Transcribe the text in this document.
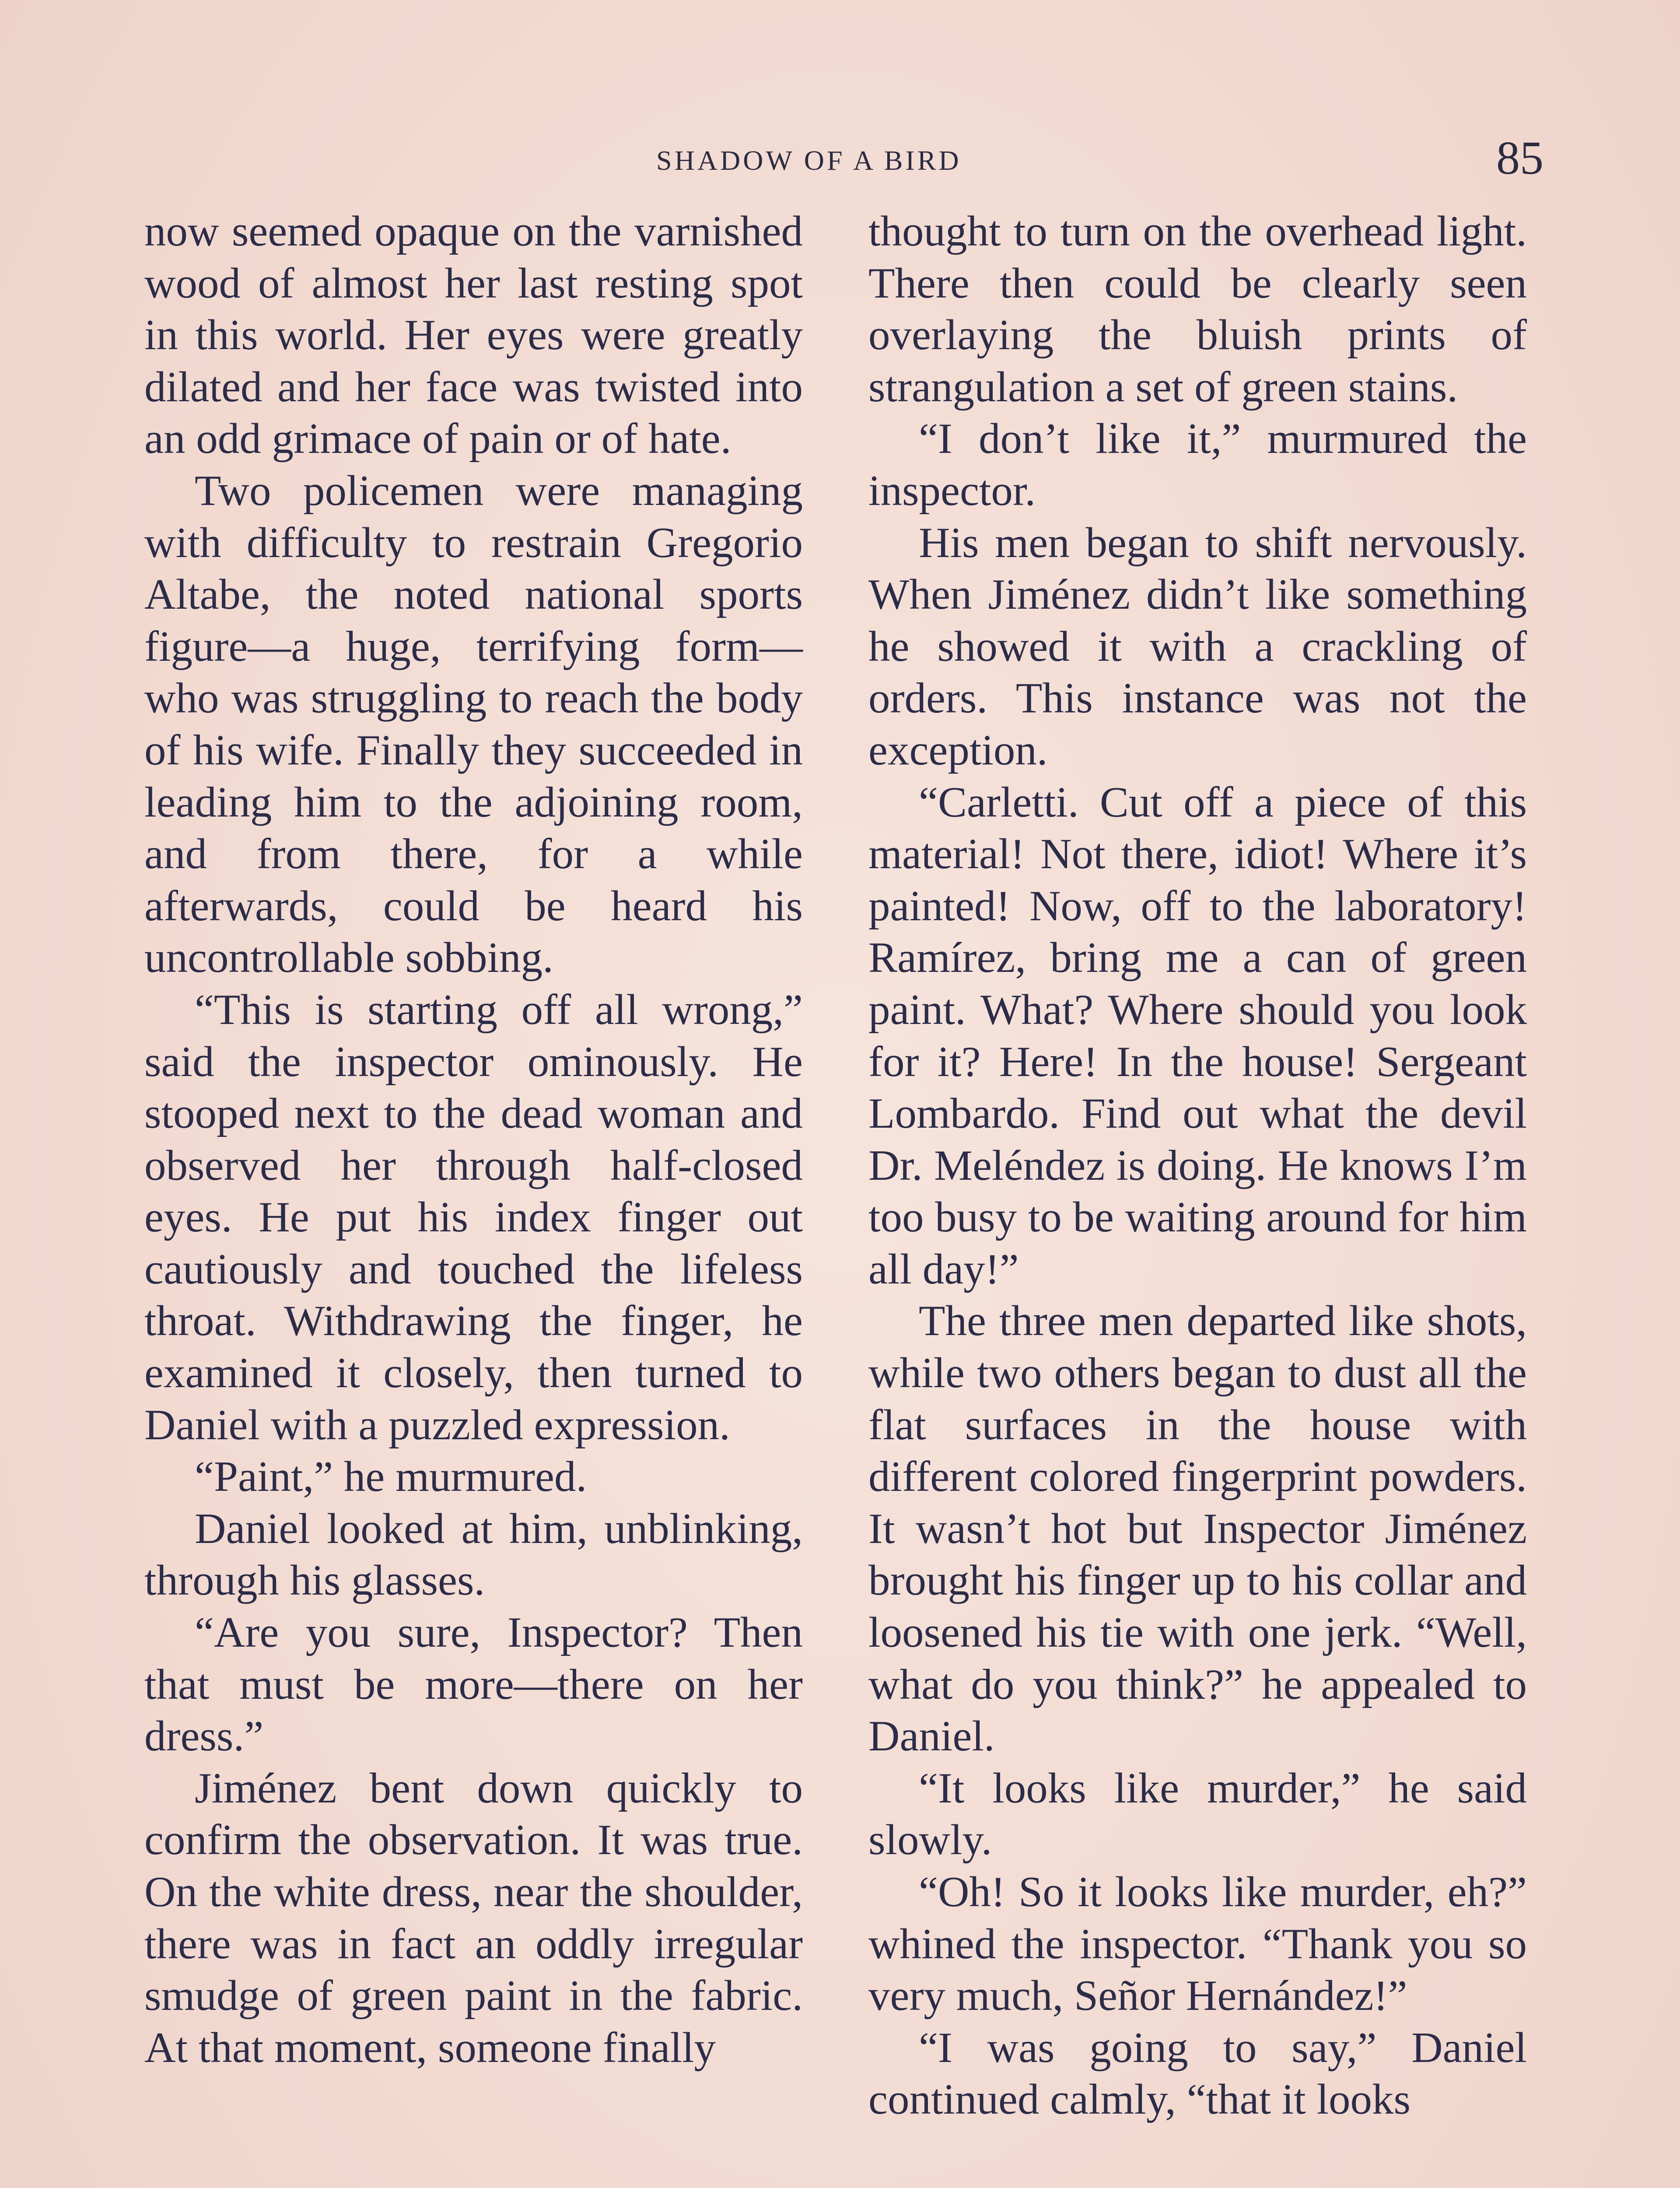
SHADOW OF A BIRD	85

now seemed opaque on the varnished wood of almost her last resting spot in this world. Her eyes were greatly dilated and her face was twisted into an odd grimace of pain or of hate.

Two policemen were managing with difficulty to restrain Gregorio Altabe, the noted national sports figure—a huge, terrifying form—who was struggling to reach the body of his wife. Finally they succeeded in leading him to the adjoining room, and from there, for a while afterwards, could be heard his uncontrollable sobbing.

“This is starting off all wrong,” said the inspector ominously. He stooped next to the dead woman and observed her through half-closed eyes. He put his index finger out cautiously and touched the lifeless throat. Withdrawing the finger, he examined it closely, then turned to Daniel with a puzzled expression.

“Paint,” he murmured.

Daniel looked at him, unblinking, through his glasses.

“Are you sure, Inspector? Then that must be more—there on her dress.”

Jiménez bent down quickly to confirm the observation. It was true. On the white dress, near the shoulder, there was in fact an oddly irregular smudge of green paint in the fabric. At that moment, someone finally

thought to turn on the overhead light. There then could be clearly seen overlaying the bluish prints of strangulation a set of green stains.

“I don’t like it,” murmured the inspector.

His men began to shift nervously. When Jiménez didn’t like something he showed it with a crackling of orders. This instance was not the exception.

“Carletti. Cut off a piece of this material! Not there, idiot! Where it’s painted! Now, off to the laboratory! Ramírez, bring me a can of green paint. What? Where should you look for it? Here! In the house! Sergeant Lombardo. Find out what the devil Dr. Meléndez is doing. He knows I’m too busy to be waiting around for him all day!”

The three men departed like shots, while two others began to dust all the flat surfaces in the house with different colored fingerprint powders. It wasn’t hot but Inspector Jiménez brought his finger up to his collar and loosened his tie with one jerk. “Well, what do you think?” he appealed to Daniel.

“It looks like murder,” he said slowly.

“Oh! So it looks like murder, eh?” whined the inspector. “Thank you so very much, Señor Hernández!”

“I was going to say,” Daniel continued calmly, “that it looks
